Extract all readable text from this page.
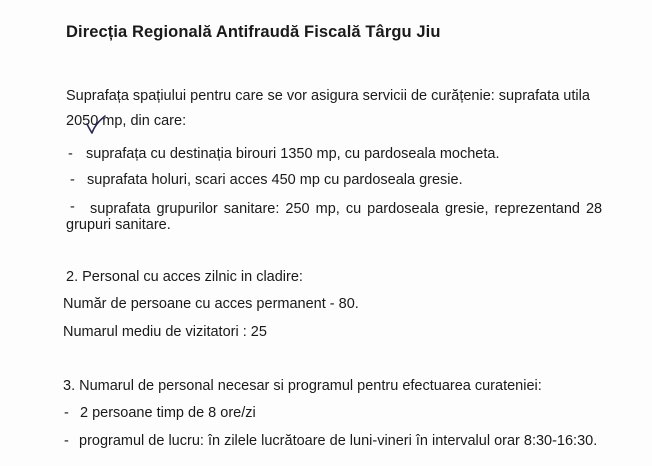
Direcția Regională Antifraudă Fiscală Târgu Jiu
Suprafața spațiului pentru care se vor asigura servicii de curățenie: suprafata utila
2050 mp, din care:
- suprafața cu destinația birouri 1350 mp, cu pardoseala mocheta.
- suprafata holuri, scari acces 450 mp cu pardoseala gresie.
- suprafata grupurilor sanitare: 250 mp, cu pardoseala gresie, reprezentand 28
grupuri sanitare.
2. Personal cu acces zilnic in cladire:
Număr de persoane cu acces permanent - 80.
Numarul mediu de vizitatori : 25
3. Numarul de personal necesar si programul pentru efectuarea curateniei:
- 2 persoane timp de 8 ore/zi
- programul de lucru: în zilele lucrătoare de luni-vineri în intervalul orar 8:30-16:30.
